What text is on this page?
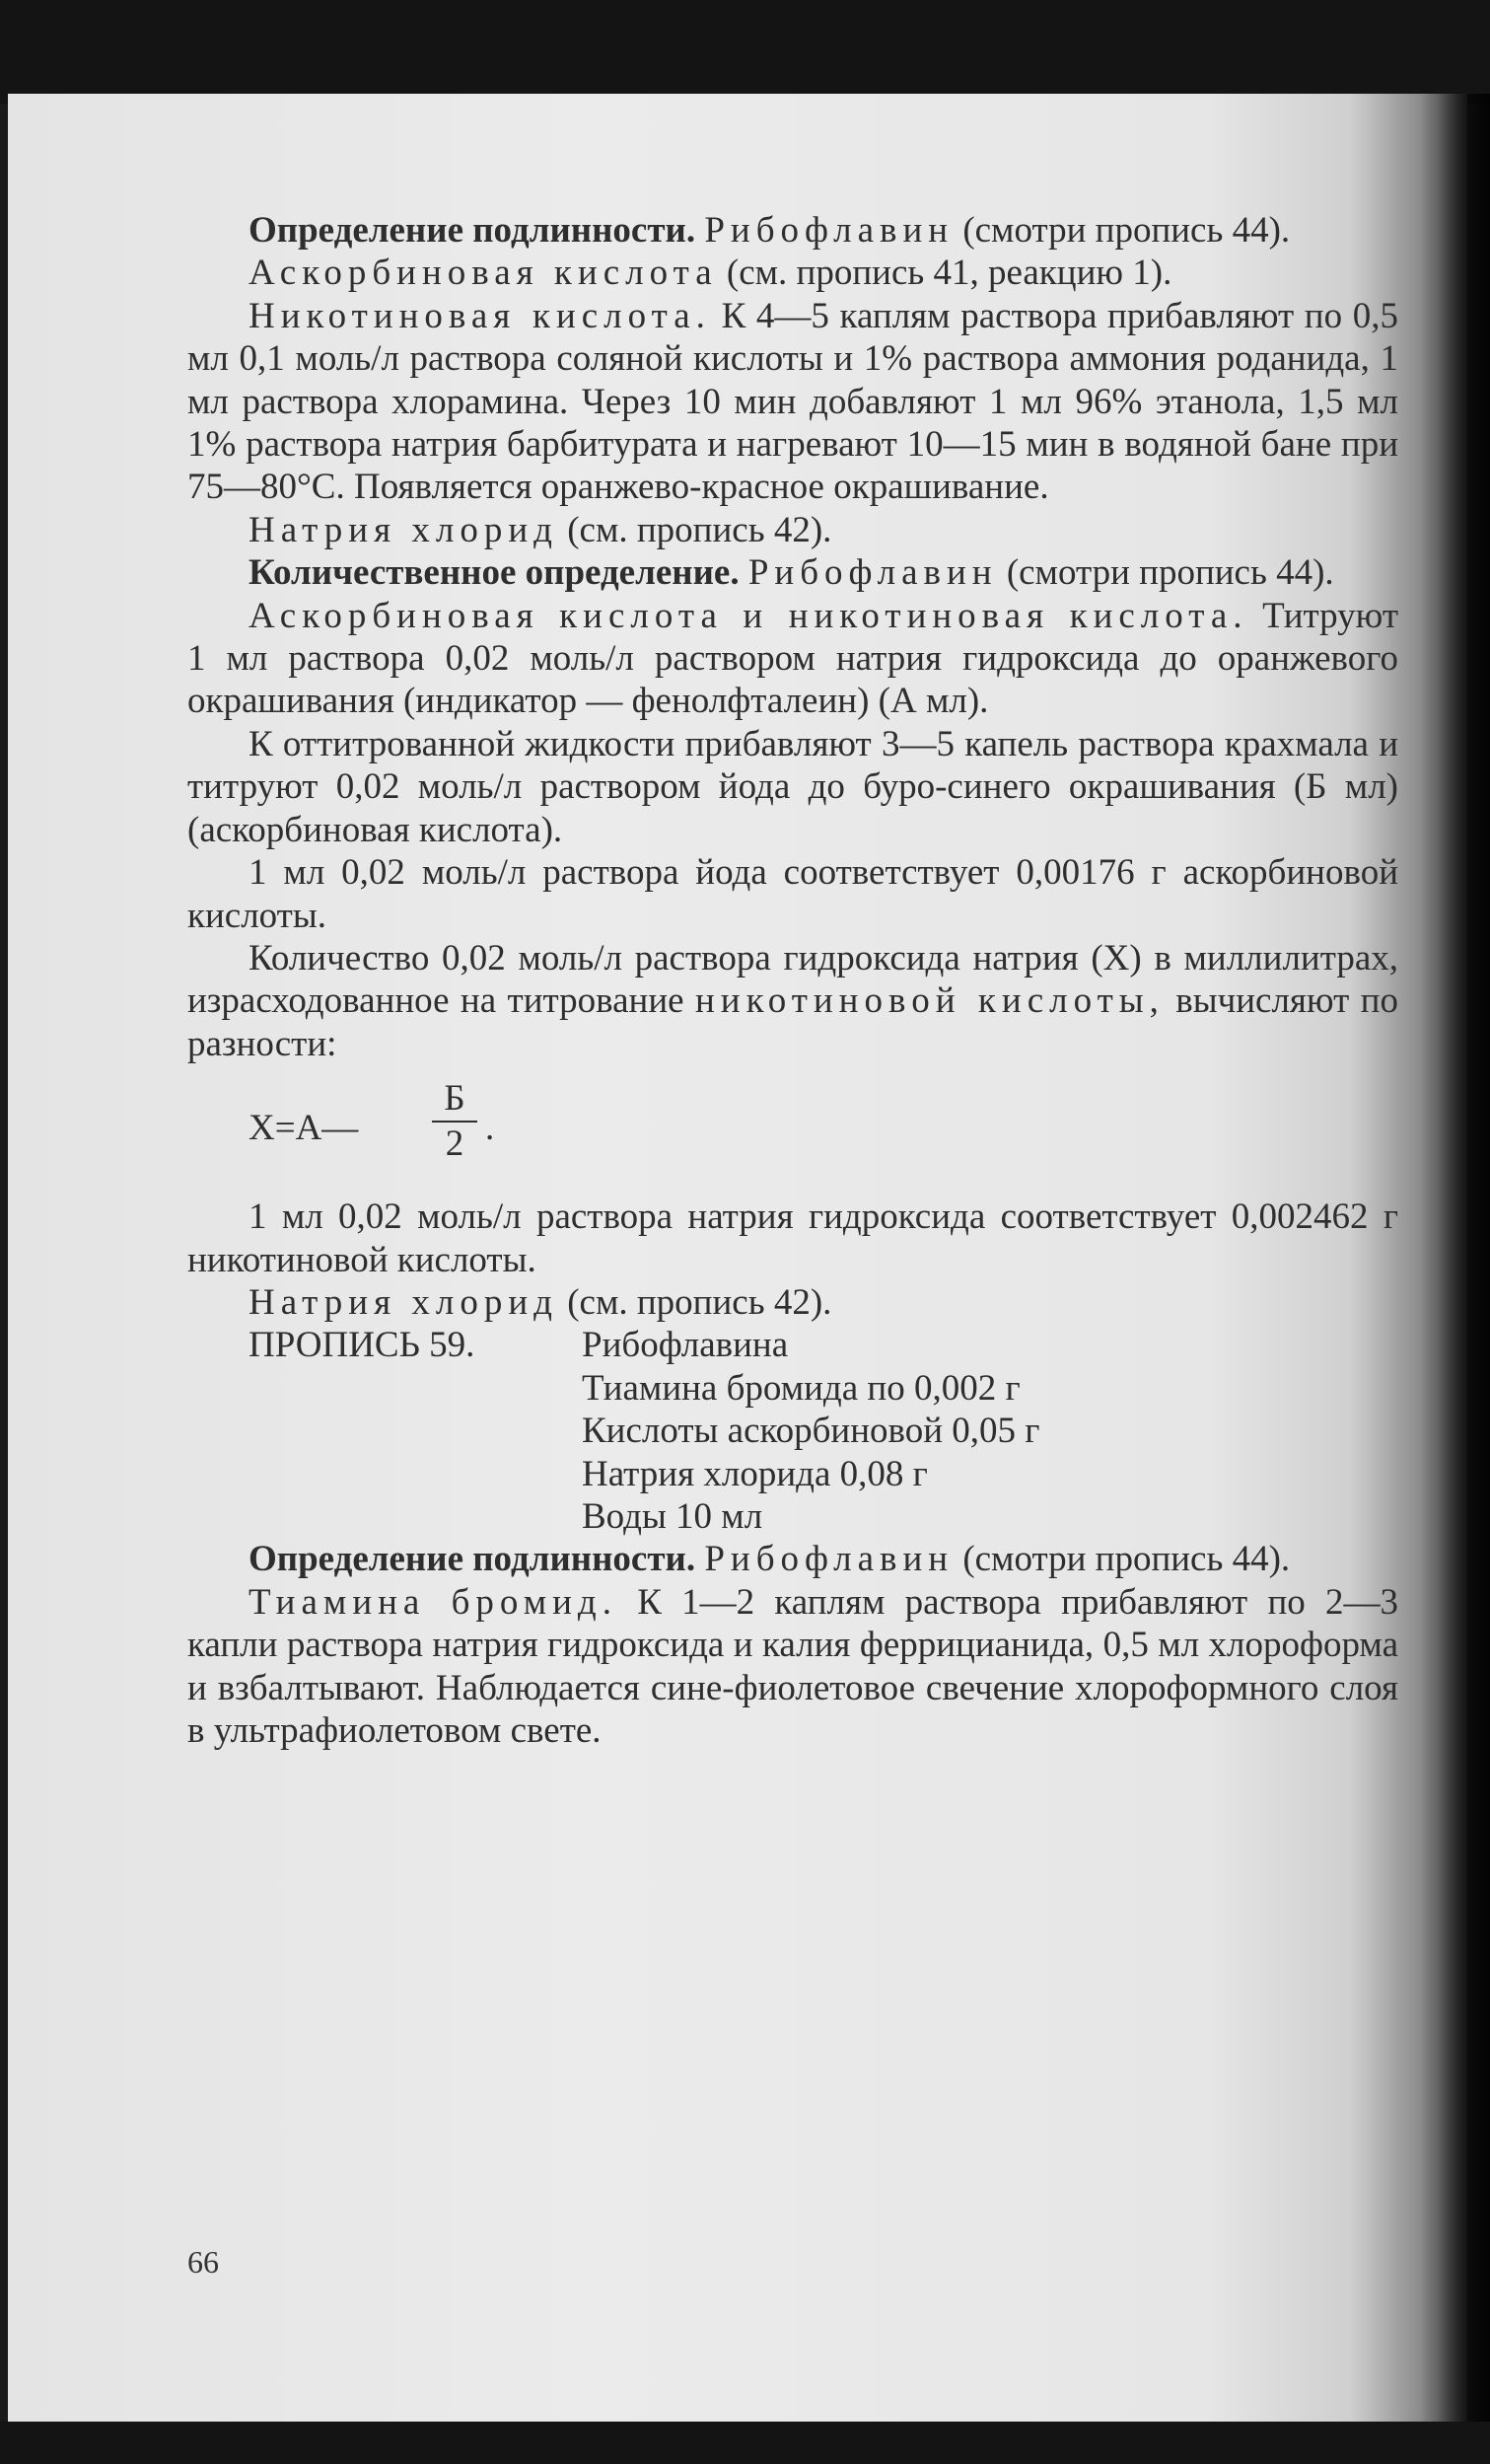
Определение подлинности. Рибофлавин (смотри пропись 44).

Аскорбиновая кислота (см. пропись 41, реакцию 1).

Никотиновая кислота. К 4—5 каплям раствора прибавляют по 0,5 мл 0,1 моль/л раствора соляной кислоты и 1% раствора аммония роданида, 1 мл раствора хлорамина. Через 10 мин добавляют 1 мл 96% этанола, 1,5 мл 1% раствора натрия барбитурата и нагревают 10—15 мин в водяной бане при 75—80°С. Появляется оранжево-красное окрашивание.

Натрия хлорид (см. пропись 42).

Количественное определение. Рибофлавин (смотри пропись 44).

Аскорбиновая кислота и никотиновая кислота. Титруют 1 мл раствора 0,02 моль/л раствором натрия гидроксида до оранжевого окрашивания (индикатор — фенолфталеин) (А мл).

К оттитрованной жидкости прибавляют 3—5 капель раствора крахмала и титруют 0,02 моль/л раствором йода до буро-синего окрашивания (Б мл) (аскорбиновая кислота).

1 мл 0,02 моль/л раствора йода соответствует 0,00176 г аскорбиновой кислоты.

Количество 0,02 моль/л раствора гидроксида натрия (Х) в миллилитрах, израсходованное на титрование никотиновой кислоты, вычисляют по разности:

Х=А—
Б
2 .

1 мл 0,02 моль/л раствора натрия гидроксида соответствует 0,002462 г никотиновой кислоты.

Натрия хлорид (см. пропись 42).

ПРОПИСЬ 59.	Рибофлавина
Тиамина бромида по 0,002 г
Кислоты аскорбиновой 0,05 г
Натрия хлорида 0,08 г
Воды 10 мл

Определение подлинности. Рибофлавин (смотри пропись 44).

Тиамина бромид. К 1—2 каплям раствора прибавляют по 2—3 капли раствора натрия гидроксида и калия феррицианида, 0,5 мл хлороформа и взбалтывают. Наблюдается сине-фиолетовое свечение хлороформного слоя в ультрафиолетовом свете.

66
